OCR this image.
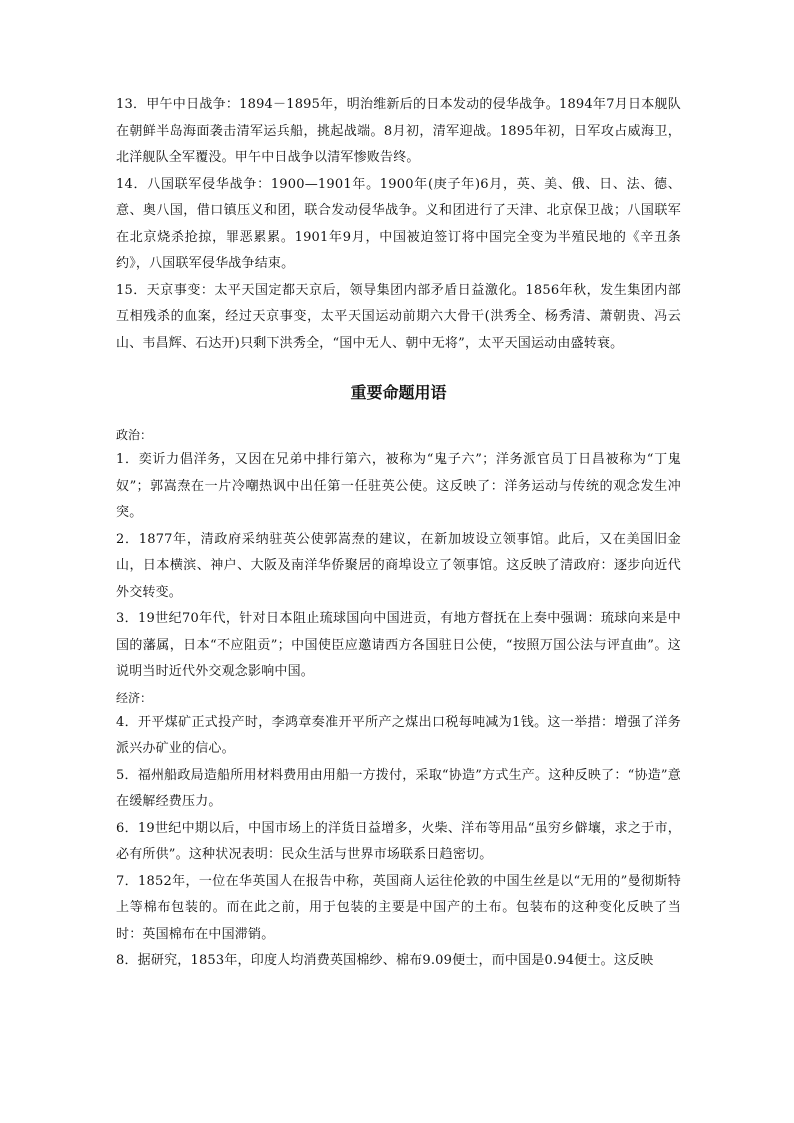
13．甲午中日战争：1894－1895年，明治维新后的日本发动的侵华战争。1894年7月日本舰队在朝鲜半岛海面袭击清军运兵船，挑起战端。8月初，清军迎战。1895年初，日军攻占威海卫，北洋舰队全军覆没。甲午中日战争以清军惨败告终。

14．八国联军侵华战争：1900—1901年。1900年(庚子年)6月，英、美、俄、日、法、德、意、奥八国，借口镇压义和团，联合发动侵华战争。义和团进行了天津、北京保卫战；八国联军在北京烧杀抢掠，罪恶累累。1901年9月，中国被迫签订将中国完全变为半殖民地的《辛丑条约》，八国联军侵华战争结束。

15．天京事变：太平天国定都天京后，领导集团内部矛盾日益激化。1856年秋，发生集团内部互相残杀的血案，经过天京事变，太平天国运动前期六大骨干(洪秀全、杨秀清、萧朝贵、冯云山、韦昌辉、石达开)只剩下洪秀全，“国中无人、朝中无将”，太平天国运动由盛转衰。

重要命题用语

政治：

1．奕䜣力倡洋务，又因在兄弟中排行第六，被称为“鬼子六”；洋务派官员丁日昌被称为“丁鬼奴”；郭嵩焘在一片冷嘲热讽中出任第一任驻英公使。这反映了：洋务运动与传统的观念发生冲突。

2．1877年，清政府采纳驻英公使郭嵩焘的建议，在新加坡设立领事馆。此后，又在美国旧金山，日本横滨、神户、大阪及南洋华侨聚居的商埠设立了领事馆。这反映了清政府：逐步向近代外交转变。

3．19世纪70年代，针对日本阻止琉球国向中国进贡，有地方督抚在上奏中强调：琉球向来是中国的藩属，日本“不应阻贡”；中国使臣应邀请西方各国驻日公使，“按照万国公法与评直曲”。这说明当时近代外交观念影响中国。

经济：

4．开平煤矿正式投产时，李鸿章奏准开平所产之煤出口税每吨减为1钱。这一举措：增强了洋务派兴办矿业的信心。

5．福州船政局造船所用材料费用由用船一方拨付，采取“协造”方式生产。这种反映了：“协造”意在缓解经费压力。

6．19世纪中期以后，中国市场上的洋货日益增多，火柴、洋布等用品“虽穷乡僻壤，求之于市，必有所供”。这种状况表明：民众生活与世界市场联系日趋密切。

7．1852年，一位在华英国人在报告中称，英国商人运往伦敦的中国生丝是以“无用的”曼彻斯特上等棉布包装的。而在此之前，用于包装的主要是中国产的土布。包装布的这种变化反映了当时：英国棉布在中国滞销。

8．据研究，1853年，印度人均消费英国棉纱、棉布9.09便士，而中国是0.94便士。这反映
